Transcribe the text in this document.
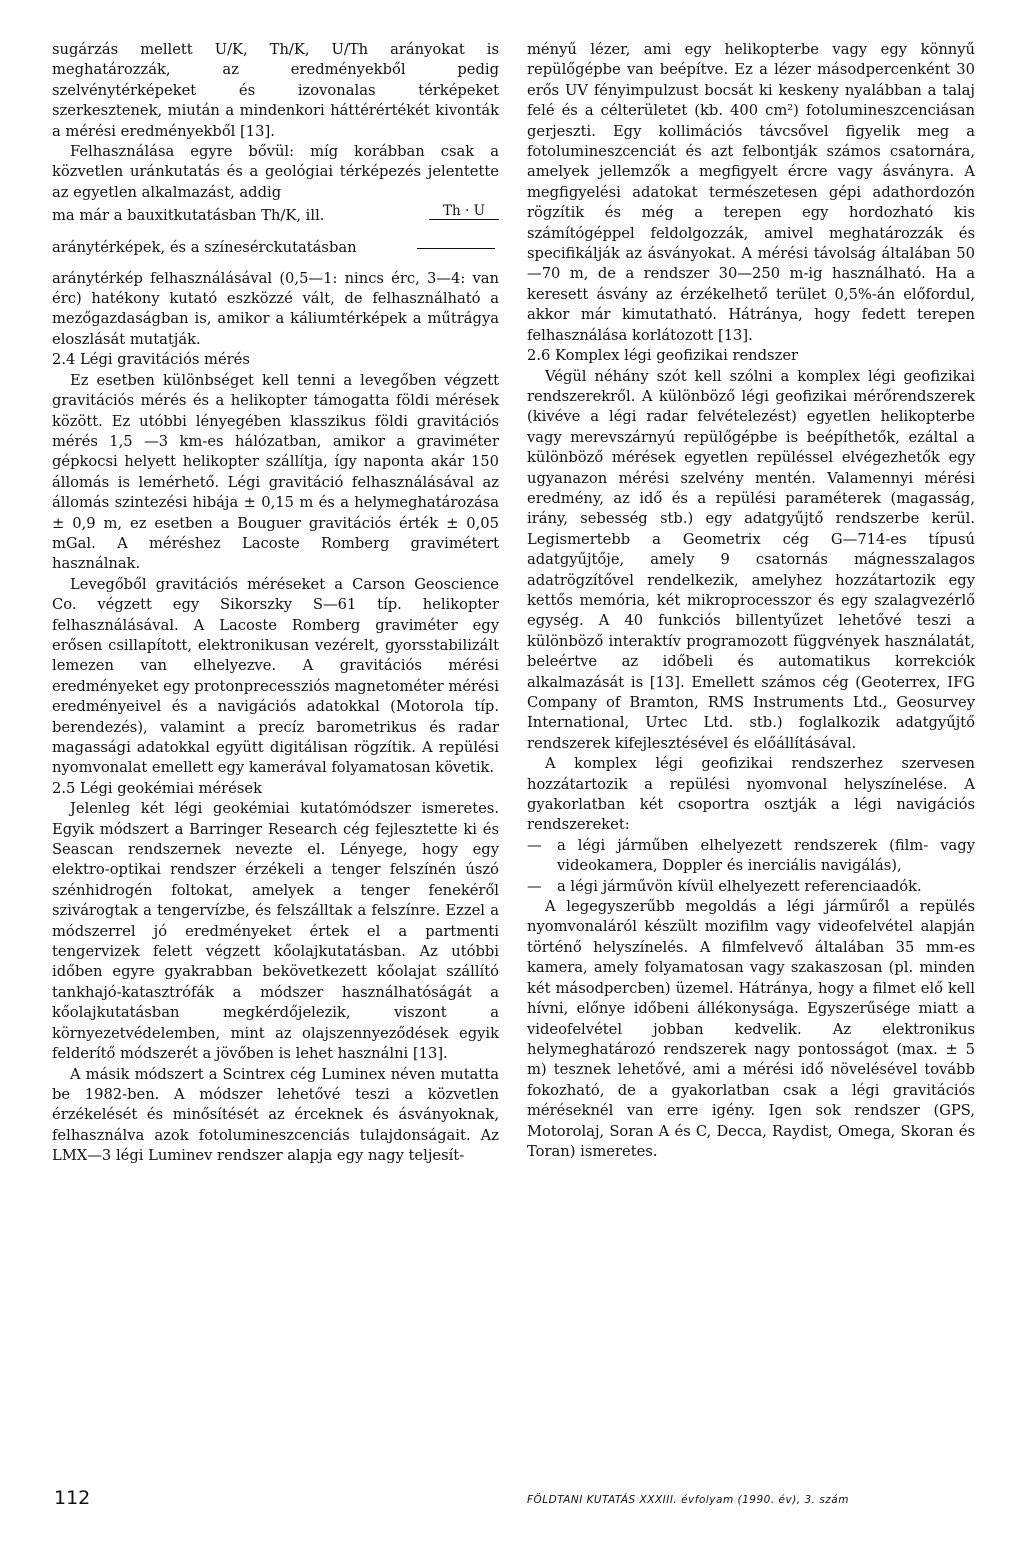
sugárzás mellett U/K, Th/K, U/Th arányokat is meghatározzák, az eredményekből pedig szelvénytérképeket és izovonalas térképeket szerkesztenek, miután a mindenkori háttérértékét kivonták a mérési eredményekből [13].

Felhasználása egyre bővül: míg korábban csak a közvetlen uránkutatás és a geológiai térképezés jelentette az egyetlen alkalmazást, addig

ma már a bauxitkutatásban Th/K, ill.	Th · U
aránytérképek, és a színesérckutatásban

aránytérkép felhasználásával (0,5—1: nincs érc, 3—4: van érc) hatékony kutató eszközzé vált, de felhasználható a mezőgazdaságban is, amikor a káliumtérképek a műtrágya eloszlását mutatják.

2.4 Légi gravitációs mérés

Ez esetben különbséget kell tenni a levegőben végzett gravitációs mérés és a helikopter támogatta földi mérések között. Ez utóbbi lényegében klasszikus földi gravitációs mérés 1,5 —3 km-es hálózatban, amikor a graviméter gépkocsi helyett helikopter szállítja, így naponta akár 150 állomás is lemérhető. Légi gravitáció felhasználásával az állomás szintezési hibája ± 0,15 m és a helymeghatározása ± 0,9 m, ez esetben a Bouguer gravitációs érték ± 0,05 mGal. A méréshez Lacoste Romberg gravimétert használnak.

Levegőből gravitációs méréseket a Carson Geoscience Co. végzett egy Sikorszky S—61 típ. helikopter felhasználásával. A Lacoste Romberg graviméter egy erősen csillapított, elektronikusan vezérelt, gyorsstabilizált lemezen van elhelyezve. A gravitációs mérési eredményeket egy protonprecessziós magnetométer mérési eredményeivel és a navigációs adatokkal (Motorola típ. berendezés), valamint a precíz barometrikus és radar magassági adatokkal együtt digitálisan rögzítik. A repülési nyomvonalat emellett egy kamerával folyamatosan követik.

2.5 Légi geokémiai mérések

Jelenleg két légi geokémiai kutatómódszer ismeretes. Egyik módszert a Barringer Research cég fejlesztette ki és Seascan rendszernek nevezte el. Lényege, hogy egy elektro-optikai rendszer érzékeli a tenger felszínén úszó szénhidrogén foltokat, amelyek a tenger fenekéről szivárogtak a tengervízbe, és felszálltak a felszínre. Ezzel a módszerrel jó eredményeket értek el a partmenti tengervizek felett végzett kőolajkutatásban. Az utóbbi időben egyre gyakrabban bekövetkezett kőolajat szállító tankhajó-katasztrófák a módszer használhatóságát a kőolajkutatásban megkérdőjelezik, viszont a környezetvédelemben, mint az olajszennyeződések egyik felderítő módszerét a jövőben is lehet használni [13].

A másik módszert a Scintrex cég Luminex néven mutatta be 1982-ben. A módszer lehetővé teszi a közvetlen érzékelését és minősítését az érceknek és ásványoknak, felhasználva azok fotolumineszcenciás tulajdonságait. Az LMX—3 légi Luminev rendszer alapja egy nagy teljesít-

ményű lézer, ami egy helikopterbe vagy egy könnyű repülőgépbe van beépítve. Ez a lézer másodpercenként 30 erős UV fényimpulzust bocsát ki keskeny nyalábban a talaj felé és a célterületet (kb. 400 cm²) fotolumineszcenciásan gerjeszti. Egy kollimációs távcsővel figyelik meg a fotolumineszcenciát és azt felbontják számos csatornára, amelyek jellemzők a megfigyelt ércre vagy ásványra. A megfigyelési adatokat természetesen gépi adathordozón rögzítik és még a terepen egy hordozható kis számítógéppel feldolgozzák, amivel meghatározzák és specifikálják az ásványokat. A mérési távolság általában 50—70 m, de a rendszer 30—250 m-ig használható. Ha a keresett ásvány az érzékelhető terület 0,5%-án előfordul, akkor már kimutatható. Hátránya, hogy fedett terepen felhasználása korlátozott [13].

2.6 Komplex légi geofizikai rendszer

Végül néhány szót kell szólni a komplex légi geofizikai rendszerekről. A különböző légi geofizikai mérőrendszerek (kivéve a légi radar felvételezést) egyetlen helikopterbe vagy merevszárnyú repülőgépbe is beépíthetők, ezáltal a különböző mérések egyetlen repüléssel elvégezhetők egy ugyanazon mérési szelvény mentén. Valamennyi mérési eredmény, az idő és a repülési paraméterek (magasság, irány, sebesség stb.) egy adatgyűjtő rendszerbe kerül. Legismertebb a Geometrix cég G—714-es típusú adatgyűjtője, amely 9 csatornás mágnesszalagos adatrögzítővel rendelkezik, amelyhez hozzátartozik egy kettős memória, két mikroprocesszor és egy szalagvezérlő egység. A 40 funkciós billentyűzet lehetővé teszi a különböző interaktív programozott függvények használatát, beleértve az időbeli és automatikus korrekciók alkalmazását is [13]. Emellett számos cég (Geoterrex, IFG Company of Bramton, RMS Instruments Ltd., Geosurvey International, Urtec Ltd. stb.) foglalkozik adatgyűjtő rendszerek kifejlesztésével és előállításával.

A komplex légi geofizikai rendszerhez szervesen hozzátartozik a repülési nyomvonal helyszínelése. A gyakorlatban két csoportra osztják a légi navigációs rendszereket:

—	a légi járműben elhelyezett rendszerek (film- vagy videokamera, Doppler és inerciális navigálás),
—	a légi járművön kívül elhelyezett referenciaadók.

A legegyszerűbb megoldás a légi járműről a repülés nyomvonaláról készült mozifilm vagy videofelvétel alapján történő helyszínelés. A filmfelvevő általában 35 mm-es kamera, amely folyamatosan vagy szakaszosan (pl. minden két másodpercben) üzemel. Hátránya, hogy a filmet elő kell hívni, előnye időbeni állékonysága. Egyszerűsége miatt a videofelvétel jobban kedvelik. Az elektronikus helymeghatározó rendszerek nagy pontosságot (max. ± 5 m) tesznek lehetővé, ami a mérési idő növelésével tovább fokozható, de a gyakorlatban csak a légi gravitációs méréseknél van erre igény. Igen sok rendszer (GPS, Motorolaj, Soran A és C, Decca, Raydist, Omega, Skoran és Toran) ismeretes.

112	FÖLDTANI KUTATÁS XXXIII. évfolyam (1990. év), 3. szám
